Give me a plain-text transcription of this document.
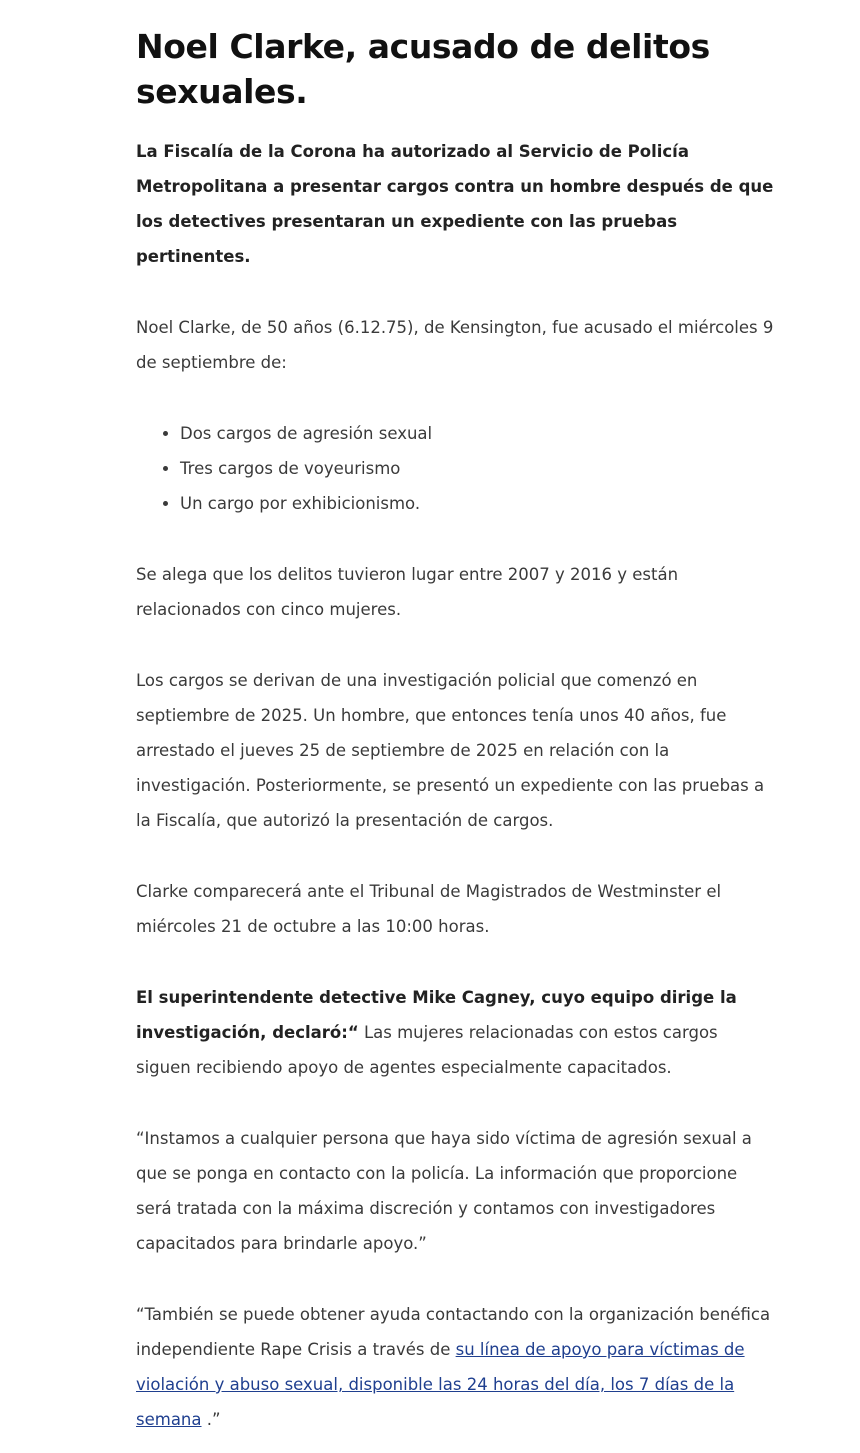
Noel Clarke, acusado de delitos sexuales.

La Fiscalía de la Corona ha autorizado al Servicio de Policía Metropolitana a presentar cargos contra un hombre después de que los detectives presentaran un expediente con las pruebas pertinentes.

Noel Clarke, de 50 años (6.12.75), de Kensington, fue acusado el miércoles 9 de septiembre de:

• Dos cargos de agresión sexual
• Tres cargos de voyeurismo
• Un cargo por exhibicionismo.

Se alega que los delitos tuvieron lugar entre 2007 y 2016 y están relacionados con cinco mujeres.

Los cargos se derivan de una investigación policial que comenzó en septiembre de 2025. Un hombre, que entonces tenía unos 40 años, fue arrestado el jueves 25 de septiembre de 2025 en relación con la investigación. Posteriormente, se presentó un expediente con las pruebas a la Fiscalía, que autorizó la presentación de cargos.

Clarke comparecerá ante el Tribunal de Magistrados de Westminster el miércoles 21 de octubre a las 10:00 horas.

El superintendente detective Mike Cagney, cuyo equipo dirige la investigación, declaró:“ Las mujeres relacionadas con estos cargos siguen recibiendo apoyo de agentes especialmente capacitados.

“Instamos a cualquier persona que haya sido víctima de agresión sexual a que se ponga en contacto con la policía. La información que proporcione será tratada con la máxima discreción y contamos con investigadores capacitados para brindarle apoyo.”

“También se puede obtener ayuda contactando con la organización benéfica independiente Rape Crisis a través de su línea de apoyo para víctimas de violación y abuso sexual, disponible las 24 horas del día, los 7 días de la semana .”
